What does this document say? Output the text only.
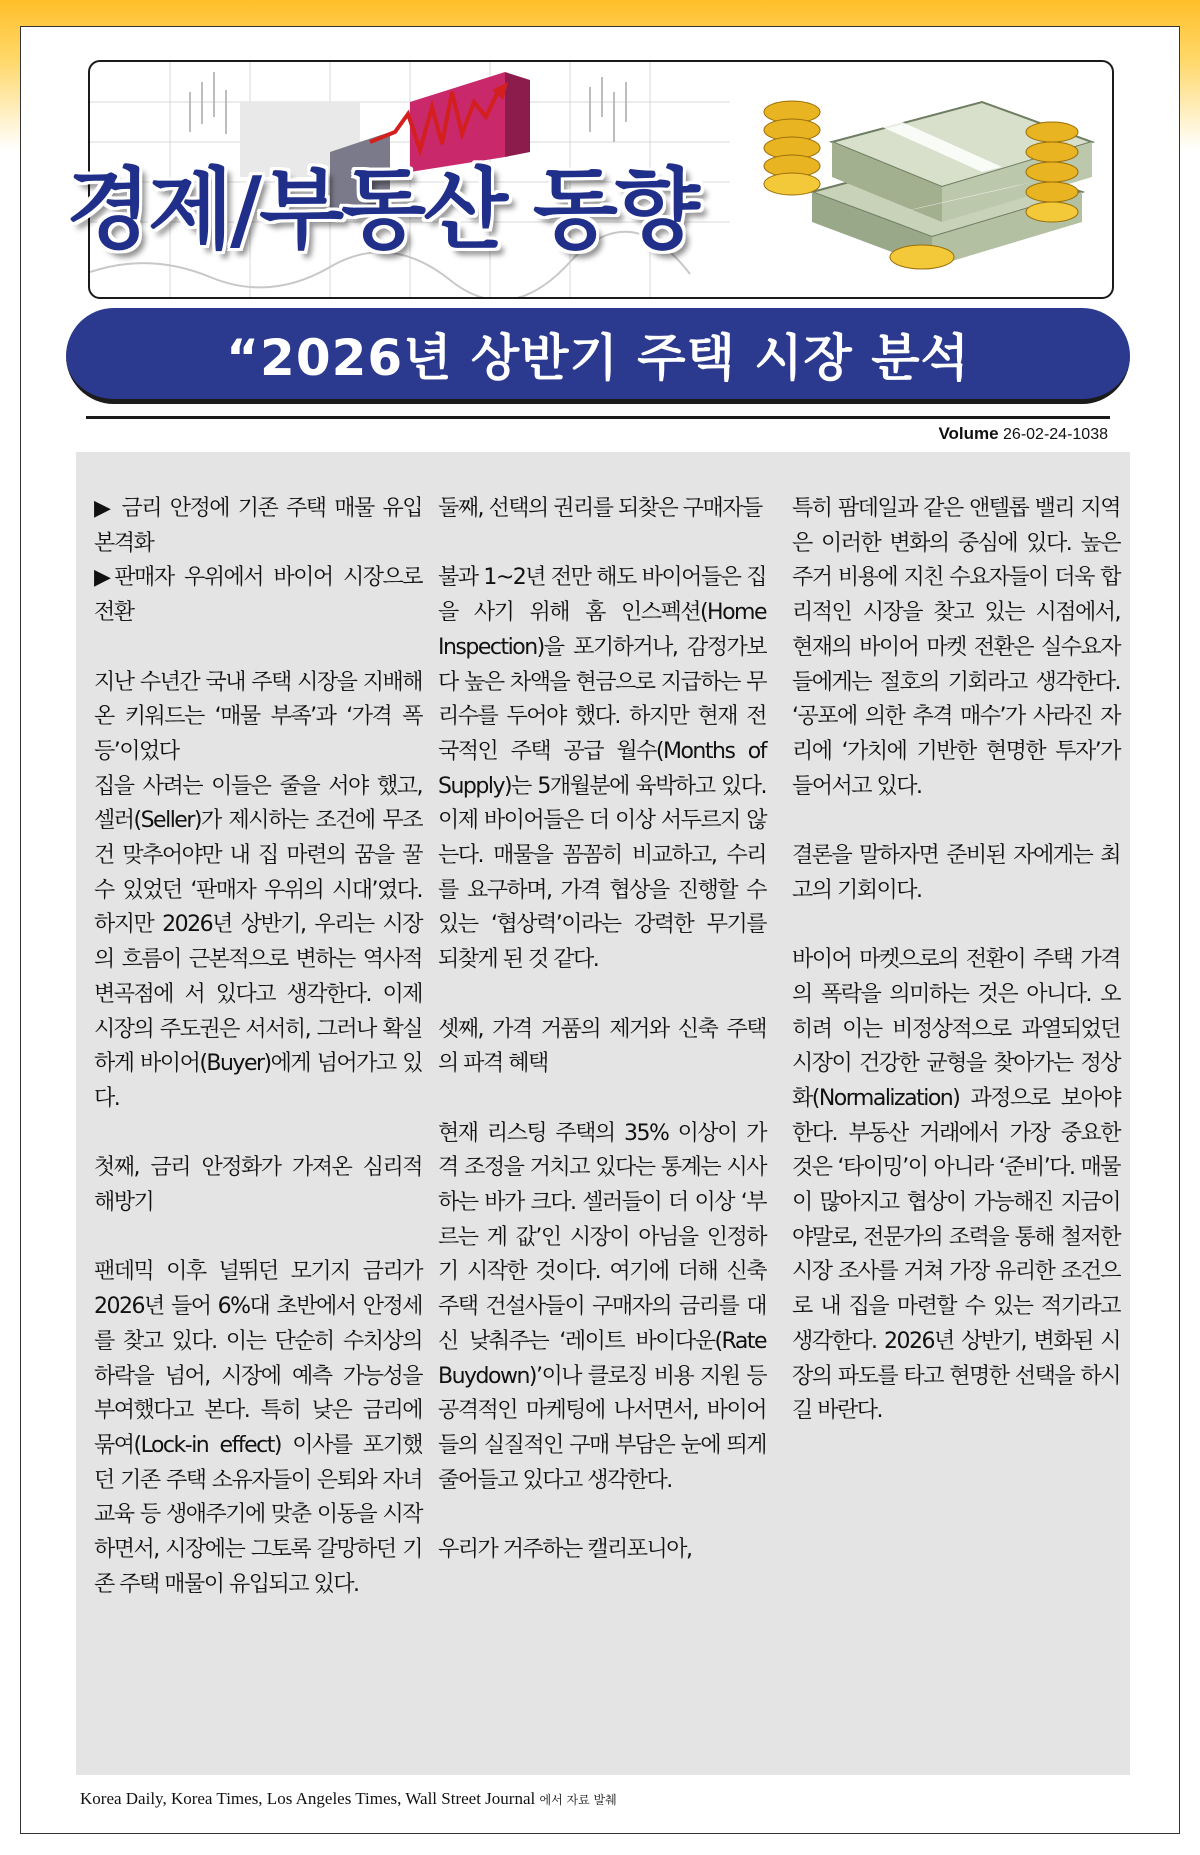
경제/부동산 동향
“2026년 상반기 주택 시장 분석
Volume 26-02-24-1038

▶ 금리 안정에 기존 주택 매물 유입 본격화

▶판매자 우위에서 바이어 시장으로 전환

지난 수년간 국내 주택 시장을 지배해온 키워드는 ‘매물 부족’과 ‘가격 폭등’이었다

집을 사려는 이들은 줄을 서야 했고, 셀러(Seller)가 제시하는 조건에 무조건 맞추어야만 내 집 마련의 꿈을 꿀 수 있었던 ‘판매자 우위의 시대’였다. 하지만 2026년 상반기, 우리는 시장의 흐름이 근본적으로 변하는 역사적 변곡점에 서 있다고 생각한다. 이제 시장의 주도권은 서서히, 그러나 확실하게 바이어(Buyer)에게 넘어가고 있다.

첫째, 금리 안정화가 가져온 심리적 해방기

팬데믹 이후 널뛰던 모기지 금리가 2026년 들어 6%대 초반에서 안정세를 찾고 있다. 이는 단순히 수치상의 하락을 넘어, 시장에 예측 가능성을 부여했다고 본다. 특히 낮은 금리에 묶여(Lock-in effect) 이사를 포기했던 기존 주택 소유자들이 은퇴와 자녀 교육 등 생애주기에 맞춘 이동을 시작하면서, 시장에는 그토록 갈망하던 기존 주택 매물이 유입되고 있다.

둘째, 선택의 권리를 되찾은 구매자들

불과 1~2년 전만 해도 바이어들은 집을 사기 위해 홈 인스펙션(Home Inspection)을 포기하거나, 감정가보다 높은 차액을 현금으로 지급하는 무리수를 두어야 했다. 하지만 현재 전국적인 주택 공급 월수(Months of Supply)는 5개월분에 육박하고 있다. 이제 바이어들은 더 이상 서두르지 않는다. 매물을 꼼꼼히 비교하고, 수리를 요구하며, 가격 협상을 진행할 수 있는 ‘협상력’이라는 강력한 무기를 되찾게 된 것 같다.

셋째, 가격 거품의 제거와 신축 주택의 파격 혜택

현재 리스팅 주택의 35% 이상이 가격 조정을 거치고 있다는 통계는 시사하는 바가 크다. 셀러들이 더 이상 ‘부르는 게 값’인 시장이 아님을 인정하기 시작한 것이다. 여기에 더해 신축 주택 건설사들이 구매자의 금리를 대신 낮춰주는 ‘레이트 바이다운(Rate Buydown)’이나 클로징 비용 지원 등 공격적인 마케팅에 나서면서, 바이어들의 실질적인 구매 부담은 눈에 띄게 줄어들고 있다고 생각한다.

우리가 거주하는 캘리포니아,

특히 팜데일과 같은 앤텔롭 밸리 지역은 이러한 변화의 중심에 있다. 높은 주거 비용에 지친 수요자들이 더욱 합리적인 시장을 찾고 있는 시점에서, 현재의 바이어 마켓 전환은 실수요자들에게는 절호의 기회라고 생각한다. ‘공포에 의한 추격 매수’가 사라진 자리에 ‘가치에 기반한 현명한 투자’가 들어서고 있다.

결론을 말하자면 준비된 자에게는 최고의 기회이다.

바이어 마켓으로의 전환이 주택 가격의 폭락을 의미하는 것은 아니다. 오히려 이는 비정상적으로 과열되었던 시장이 건강한 균형을 찾아가는 정상화(Normalization) 과정으로 보아야 한다. 부동산 거래에서 가장 중요한 것은 ‘타이밍’이 아니라 ‘준비’다. 매물이 많아지고 협상이 가능해진 지금이야말로, 전문가의 조력을 통해 철저한 시장 조사를 거쳐 가장 유리한 조건으로 내 집을 마련할 수 있는 적기라고 생각한다. 2026년 상반기, 변화된 시장의 파도를 타고 현명한 선택을 하시길 바란다.

Korea Daily, Korea Times, Los Angeles Times, Wall Street Journal 에서 자료 발췌
